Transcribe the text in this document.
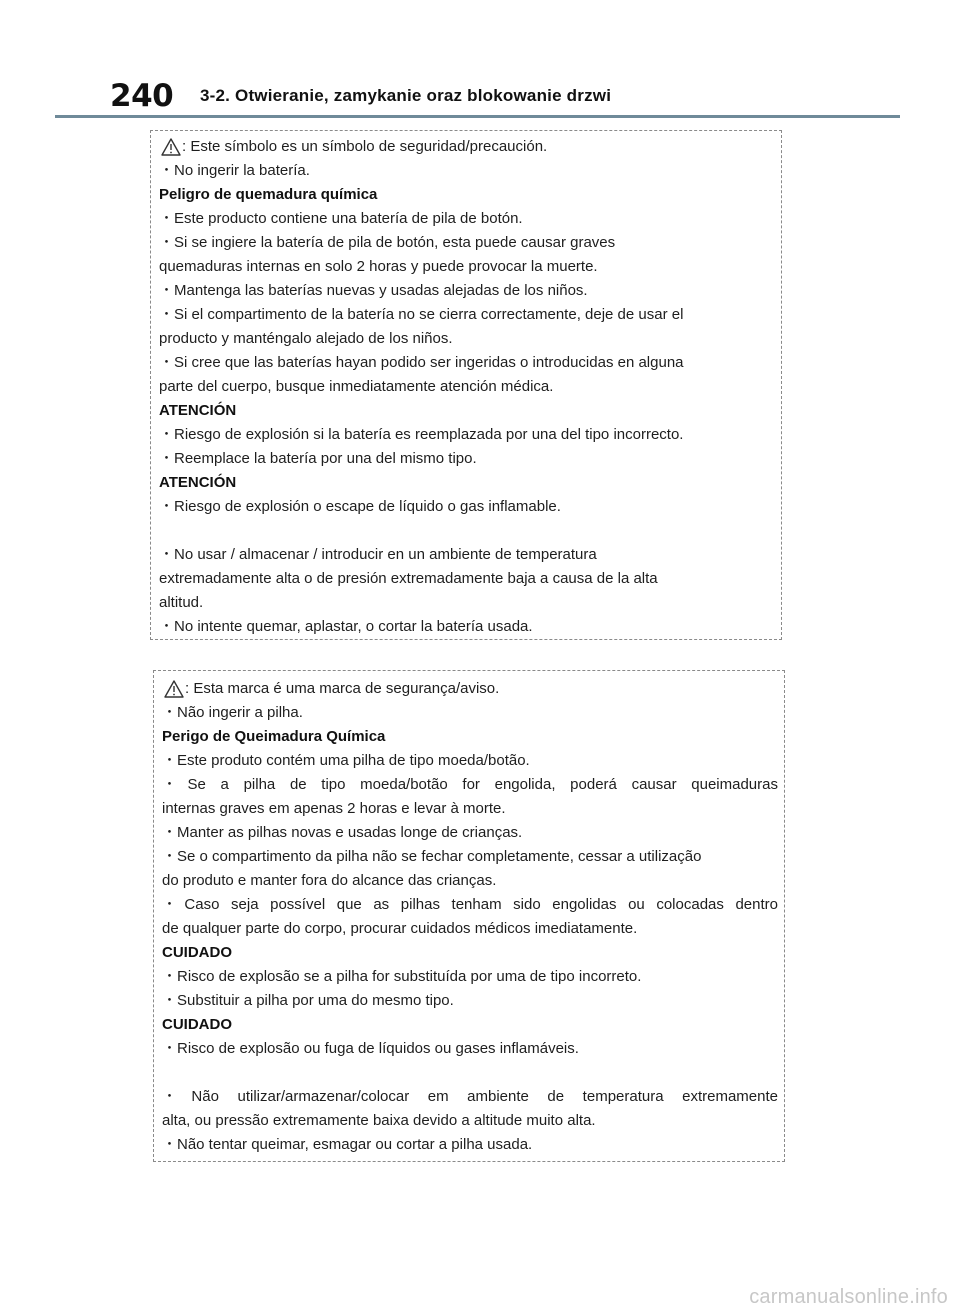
240 3-2. Otwieranie, zamykanie oraz blokowanie drzwi
: Este símbolo es un símbolo de seguridad/precaución.
・No ingerir la batería.
Peligro de quemadura química
・Este producto contiene una batería de pila de botón.
・Si se ingiere la batería de pila de botón, esta puede causar graves
quemaduras internas en solo 2 horas y puede provocar la muerte.
・Mantenga las baterías nuevas y usadas alejadas de los niños.
・Si el compartimento de la batería no se cierra correctamente, deje de usar el
producto y manténgalo alejado de los niños.
・Si cree que las baterías hayan podido ser ingeridas o introducidas en alguna
parte del cuerpo, busque inmediatamente atención médica.
ATENCIÓN
・Riesgo de explosión si la batería es reemplazada por una del tipo incorrecto.
・Reemplace la batería por una del mismo tipo.
ATENCIÓN
・Riesgo de explosión o escape de líquido o gas inflamable.
・No usar / almacenar / introducir en un ambiente de temperatura
extremadamente alta o de presión extremadamente baja a causa de la alta
altitud.
・No intente quemar, aplastar, o cortar la batería usada.
: Esta marca é uma marca de segurança/aviso.
・Não ingerir a pilha.
Perigo de Queimadura Química
・Este produto contém uma pilha de tipo moeda/botão.
・Se a pilha de tipo moeda/botão for engolida, poderá causar queimaduras
internas graves em apenas 2 horas e levar à morte.
・Manter as pilhas novas e usadas longe de crianças.
・Se o compartimento da pilha não se fechar completamente, cessar a utilização
do produto e manter fora do alcance das crianças.
・Caso seja possível que as pilhas tenham sido engolidas ou colocadas dentro
de qualquer parte do corpo, procurar cuidados médicos imediatamente.
CUIDADO
・Risco de explosão se a pilha for substituída por uma de tipo incorreto.
・Substituir a pilha por uma do mesmo tipo.
CUIDADO
・Risco de explosão ou fuga de líquidos ou gases inflamáveis.
・Não utilizar/armazenar/colocar em ambiente de temperatura extremamente
alta, ou pressão extremamente baixa devido a altitude muito alta.
・Não tentar queimar, esmagar ou cortar a pilha usada.
carmanualsonline.info
